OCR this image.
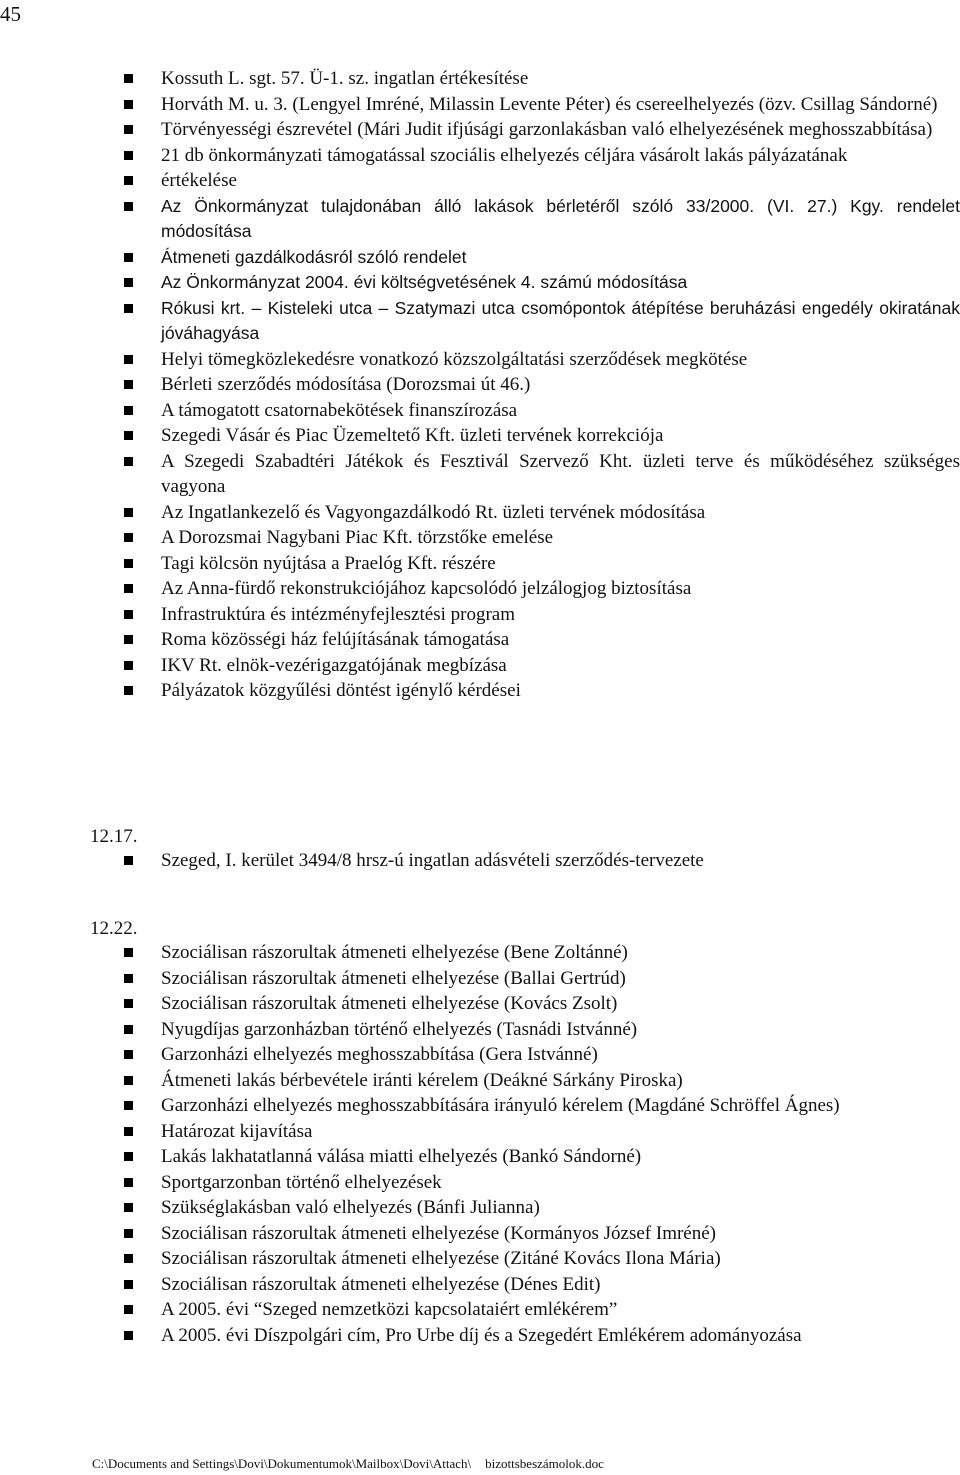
45
Kossuth L. sgt. 57. Ü-1. sz. ingatlan értékesítése
Horváth M. u. 3. (Lengyel Imréné, Milassin Levente Péter) és csereelhelyezés (özv. Csillag Sándorné)
Törvényességi észrevétel (Mári Judit ifjúsági garzonlakásban való elhelyezésének meghosszabbítása)
21 db önkormányzati támogatással szociális elhelyezés céljára vásárolt lakás pályázatának
értékelése
Az Önkormányzat tulajdonában álló lakások bérletéről szóló 33/2000. (VI. 27.) Kgy. rendelet módosítása
Átmeneti gazdálkodásról szóló rendelet
Az Önkormányzat 2004. évi költségvetésének 4. számú módosítása
Rókusi krt. – Kisteleki utca – Szatymazi utca csomópontok átépítése beruházási engedély okiratának jóváhagyása
Helyi tömegközlekedésre vonatkozó közszolgáltatási szerződések megkötése
Bérleti szerződés módosítása (Dorozsmai út 46.)
A támogatott csatornabekötések finanszírozása
Szegedi Vásár és Piac Üzemeltető Kft. üzleti tervének korrekciója
A Szegedi Szabadtéri Játékok és Fesztivál Szervező Kht. üzleti terve és működéséhez szükséges vagyona
Az Ingatlankezelő és Vagyongazdálkodó Rt. üzleti tervének módosítása
A Dorozsmai Nagybani Piac Kft. törzstőke emelése
Tagi kölcsön nyújtása a Praelóg Kft. részére
Az Anna-fürdő rekonstrukciójához kapcsolódó jelzálogjog biztosítása
Infrastruktúra és intézményfejlesztési program
Roma közösségi ház felújításának támogatása
IKV Rt. elnök-vezérigazgatójának megbízása
Pályázatok közgyűlési döntést igénylő kérdései
12.17.
Szeged, I. kerület 3494/8 hrsz-ú ingatlan adásvételi szerződés-tervezete
12.22.
Szociálisan rászorultak átmeneti elhelyezése (Bene Zoltánné)
Szociálisan rászorultak átmeneti elhelyezése (Ballai Gertrúd)
Szociálisan rászorultak átmeneti elhelyezése (Kovács Zsolt)
Nyugdíjas garzonházban történő elhelyezés (Tasnádi Istvánné)
Garzonházi elhelyezés meghosszabbítása (Gera Istvánné)
Átmeneti lakás bérbevétele iránti kérelem (Deákné Sárkány Piroska)
Garzonházi elhelyezés meghosszabbítására irányuló kérelem (Magdáné Schröffel Ágnes)
Határozat kijavítása
Lakás lakhatatlanná válása miatti elhelyezés (Bankó Sándorné)
Sportgarzonban történő elhelyezések
Szükséglakásban való elhelyezés (Bánfi Julianna)
Szociálisan rászorultak átmeneti elhelyezése (Kormányos József Imréné)
Szociálisan rászorultak átmeneti elhelyezése (Zitáné Kovács Ilona Mária)
Szociálisan rászorultak átmeneti elhelyezése (Dénes Edit)
A 2005. évi “Szeged nemzetközi kapcsolataiért emlékérem”
A 2005. évi Díszpolgári cím, Pro Urbe díj és a Szegedért Emlékérem adományozása
C:\Documents and Settings\Dovi\Dokumentumok\Mailbox\Dovi\Attach\ bizottsbeszámolok.doc
